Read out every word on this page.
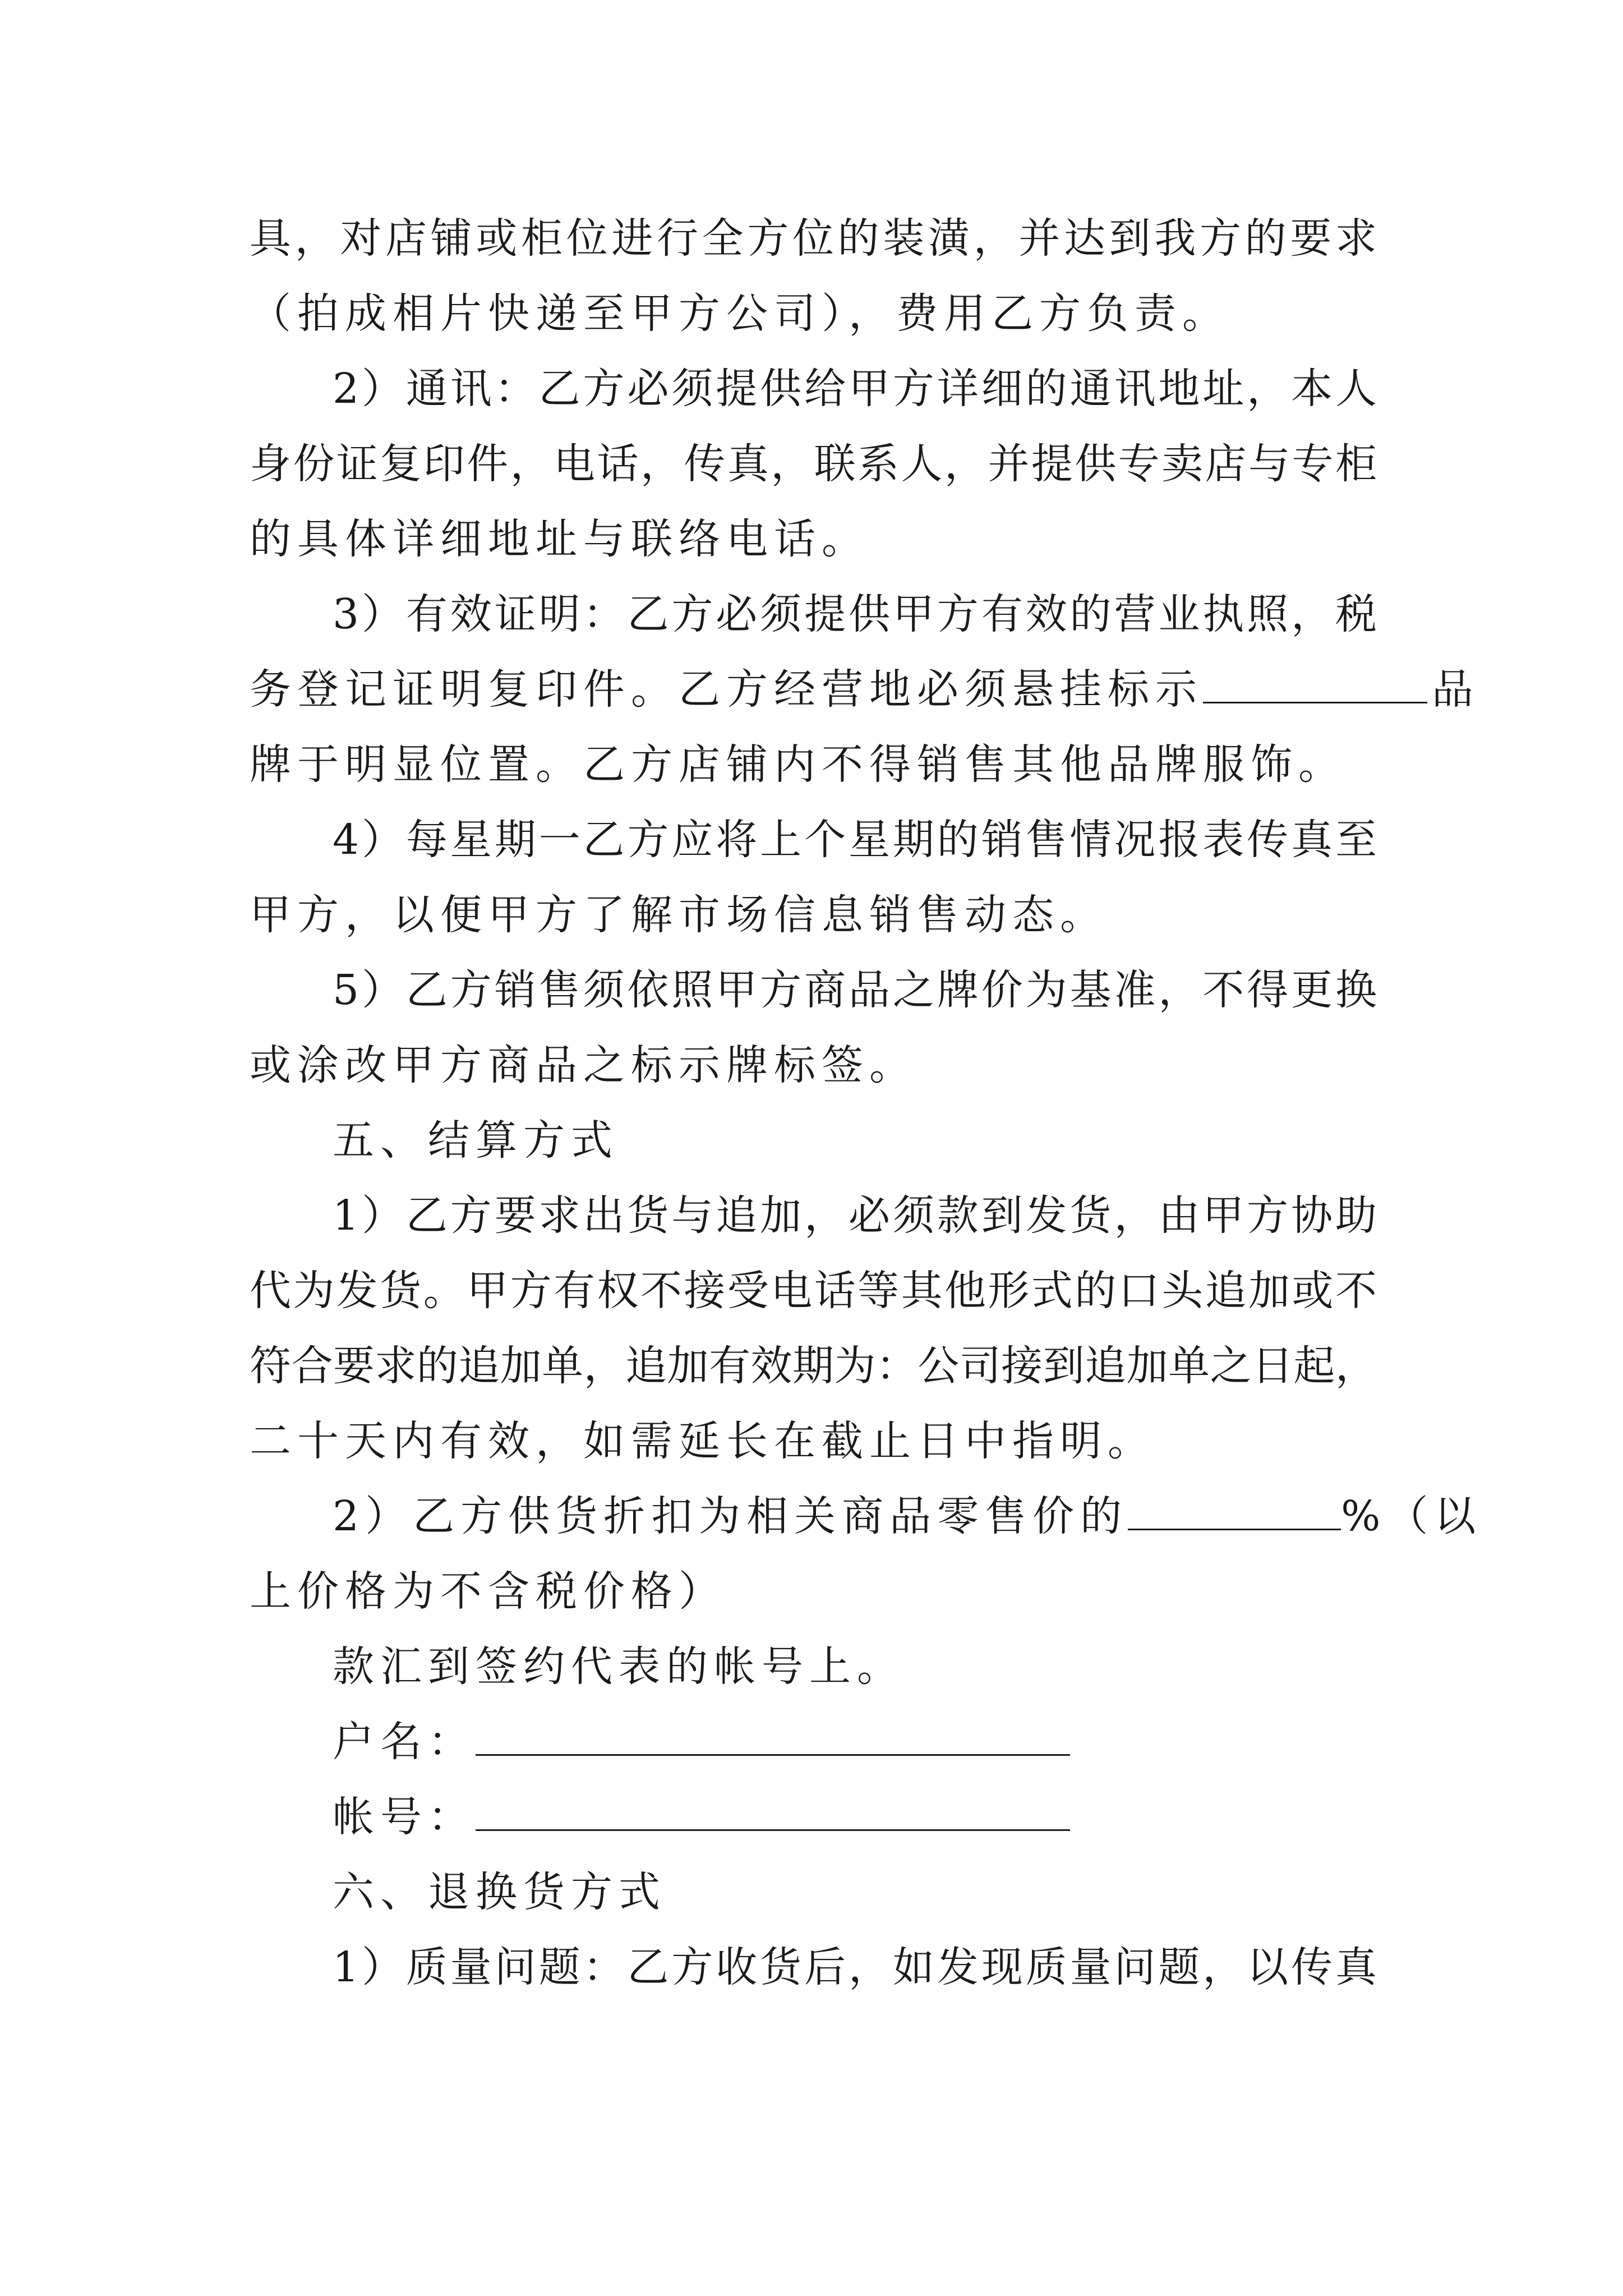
具，对店铺或柜位进行全方位的装潢，并达到我方的要求
（拍成相片快递至甲方公司），费用乙方负责。
2）通讯：乙方必须提供给甲方详细的通讯地址，本人
身份证复印件，电话，传真，联系人，并提供专卖店与专柜
的具体详细地址与联络电话。
3）有效证明：乙方必须提供甲方有效的营业执照，税
务登记证明复印件。乙方经营地必须悬挂标示	品
牌于明显位置。乙方店铺内不得销售其他品牌服饰。
4）每星期一乙方应将上个星期的销售情况报表传真至
甲方，以便甲方了解市场信息销售动态。
5）乙方销售须依照甲方商品之牌价为基准，不得更换
或涂改甲方商品之标示牌标签。
五、结算方式
1）乙方要求出货与追加，必须款到发货，由甲方协助
代为发货。甲方有权不接受电话等其他形式的口头追加或不
符合要求的追加单，追加有效期为：公司接到追加单之日起，
二十天内有效，如需延长在截止日中指明。
2）乙方供货折扣为相关商品零售价的	%（以
上价格为不含税价格）
款汇到签约代表的帐号上。
户名：
帐号：
六、退换货方式
1）质量问题：乙方收货后，如发现质量问题，以传真
